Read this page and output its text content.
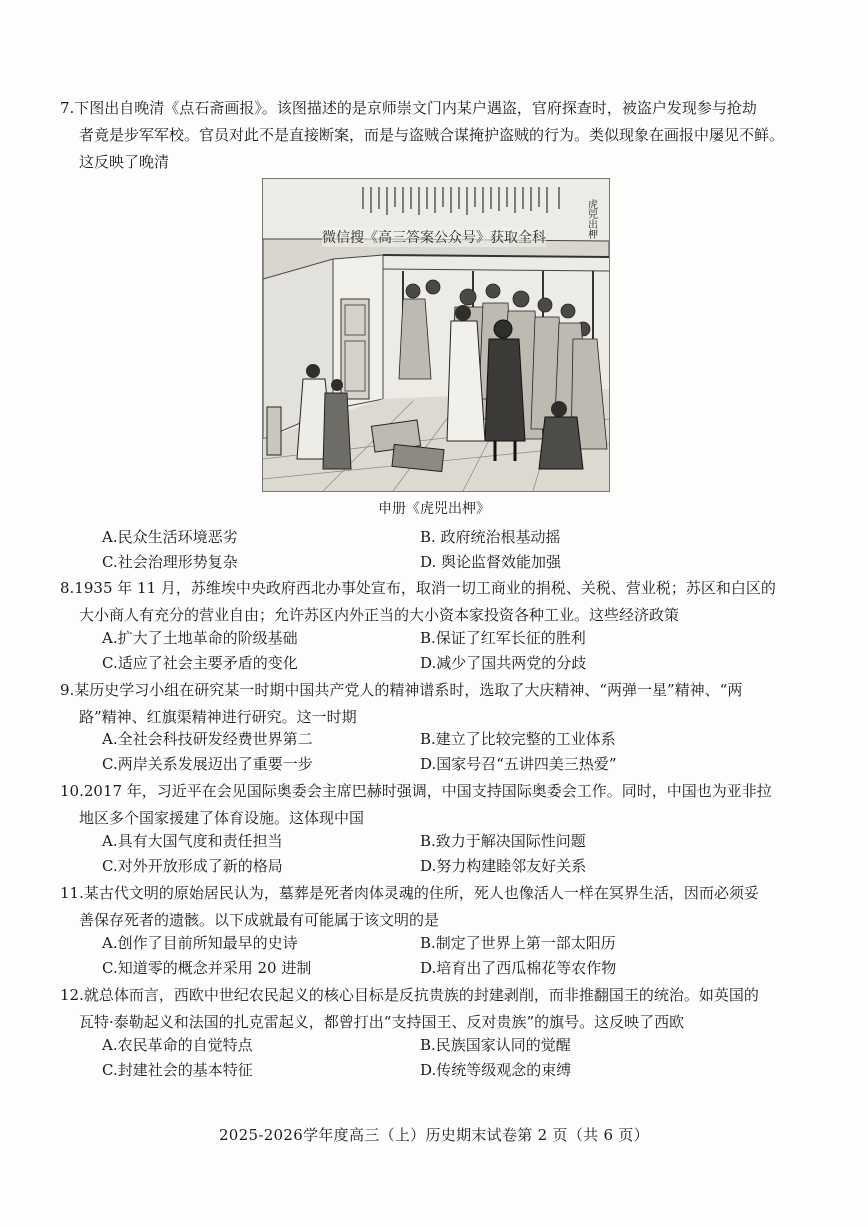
7.下图出自晚清《点石斋画报》。该图描述的是京师崇文门内某户遇盗，官府探查时，被盗户发现参与抢劫
者竟是步军军校。官员对此不是直接断案，而是与盗贼合谋掩护盗贼的行为。类似现象在画报中屡见不鲜。
这反映了晚清
虎兕出柙
微信搜《高三答案公众号》获取全科
申册《虎兕出柙》
A.民众生活环境恶劣	B. 政府统治根基动摇
C.社会治理形势复杂	D. 舆论监督效能加强
8.1935 年 11 月，苏维埃中央政府西北办事处宣布，取消一切工商业的捐税、关税、营业税；苏区和白区的
大小商人有充分的营业自由；允许苏区内外正当的大小资本家投资各种工业。这些经济政策
A.扩大了土地革命的阶级基础	B.保证了红军长征的胜利
C.适应了社会主要矛盾的变化	D.减少了国共两党的分歧
9.某历史学习小组在研究某一时期中国共产党人的精神谱系时，选取了大庆精神、“两弹一星”精神、“两
路”精神、红旗渠精神进行研究。这一时期
A.全社会科技研发经费世界第二	B.建立了比较完整的工业体系
C.两岸关系发展迈出了重要一步	D.国家号召“五讲四美三热爱”
10.2017 年，习近平在会见国际奥委会主席巴赫时强调，中国支持国际奥委会工作。同时，中国也为亚非拉
地区多个国家援建了体育设施。这体现中国
A.具有大国气度和责任担当	B.致力于解决国际性问题
C.对外开放形成了新的格局	D.努力构建睦邻友好关系
11.某古代文明的原始居民认为，墓葬是死者肉体灵魂的住所，死人也像活人一样在冥界生活，因而必须妥
善保存死者的遗骸。以下成就最有可能属于该文明的是
A.创作了目前所知最早的史诗	B.制定了世界上第一部太阳历
C.知道零的概念并采用 20 进制	D.培育出了西瓜棉花等农作物
12.就总体而言，西欧中世纪农民起义的核心目标是反抗贵族的封建剥削，而非推翻国王的统治。如英国的
瓦特·泰勒起义和法国的扎克雷起义，都曾打出“支持国王、反对贵族”的旗号。这反映了西欧
A.农民革命的自觉特点	B.民族国家认同的觉醒
C.封建社会的基本特征	D.传统等级观念的束缚
2025-2026学年度高三（上）历史期末试卷第 2 页（共 6 页）
